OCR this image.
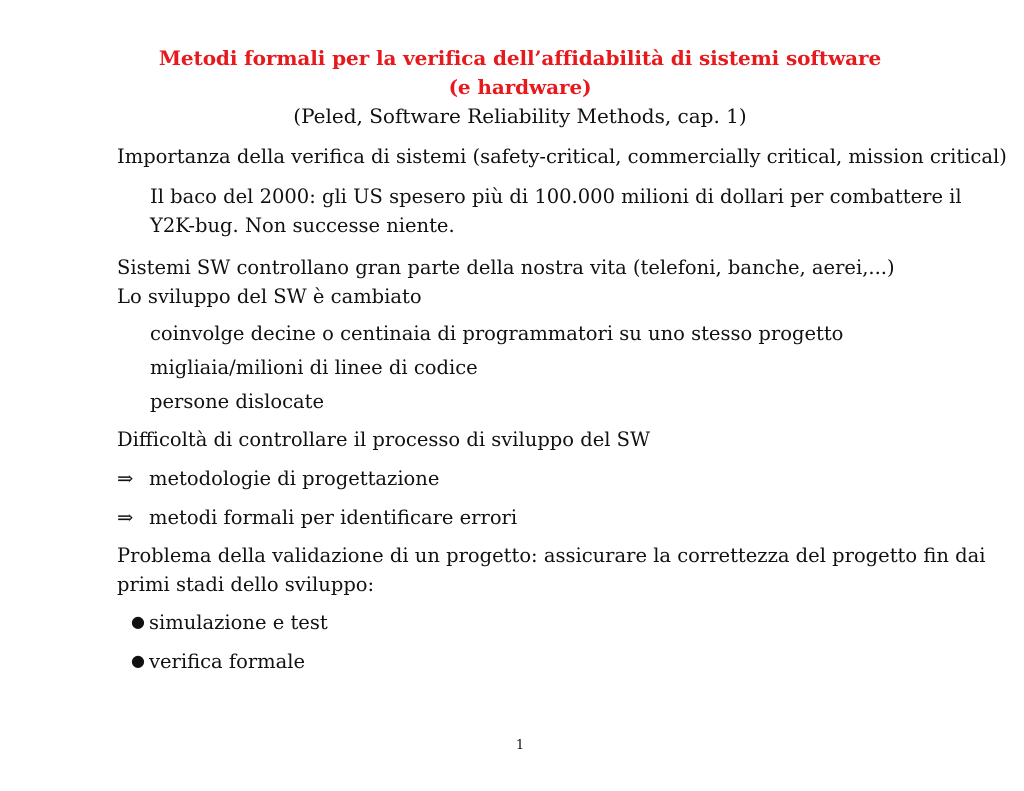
Metodi formali per la verifica dell’affidabilità di sistemi software
(e hardware)
(Peled, Software Reliability Methods, cap. 1)
Importanza della verifica di sistemi (safety-critical, commercially critical, mission critical)
Il baco del 2000: gli US spesero più di 100.000 milioni di dollari per combattere il
Y2K-bug. Non successe niente.
Sistemi SW controllano gran parte della nostra vita (telefoni, banche, aerei,...)
Lo sviluppo del SW è cambiato
coinvolge decine o centinaia di programmatori su uno stesso progetto
migliaia/milioni di linee di codice
persone dislocate
Difficoltà di controllare il processo di sviluppo del SW
⇒ metodologie di progettazione
⇒ metodi formali per identificare errori
Problema della validazione di un progetto: assicurare la correttezza del progetto fin dai
primi stadi dello sviluppo:
● simulazione e test
● verifica formale
1
